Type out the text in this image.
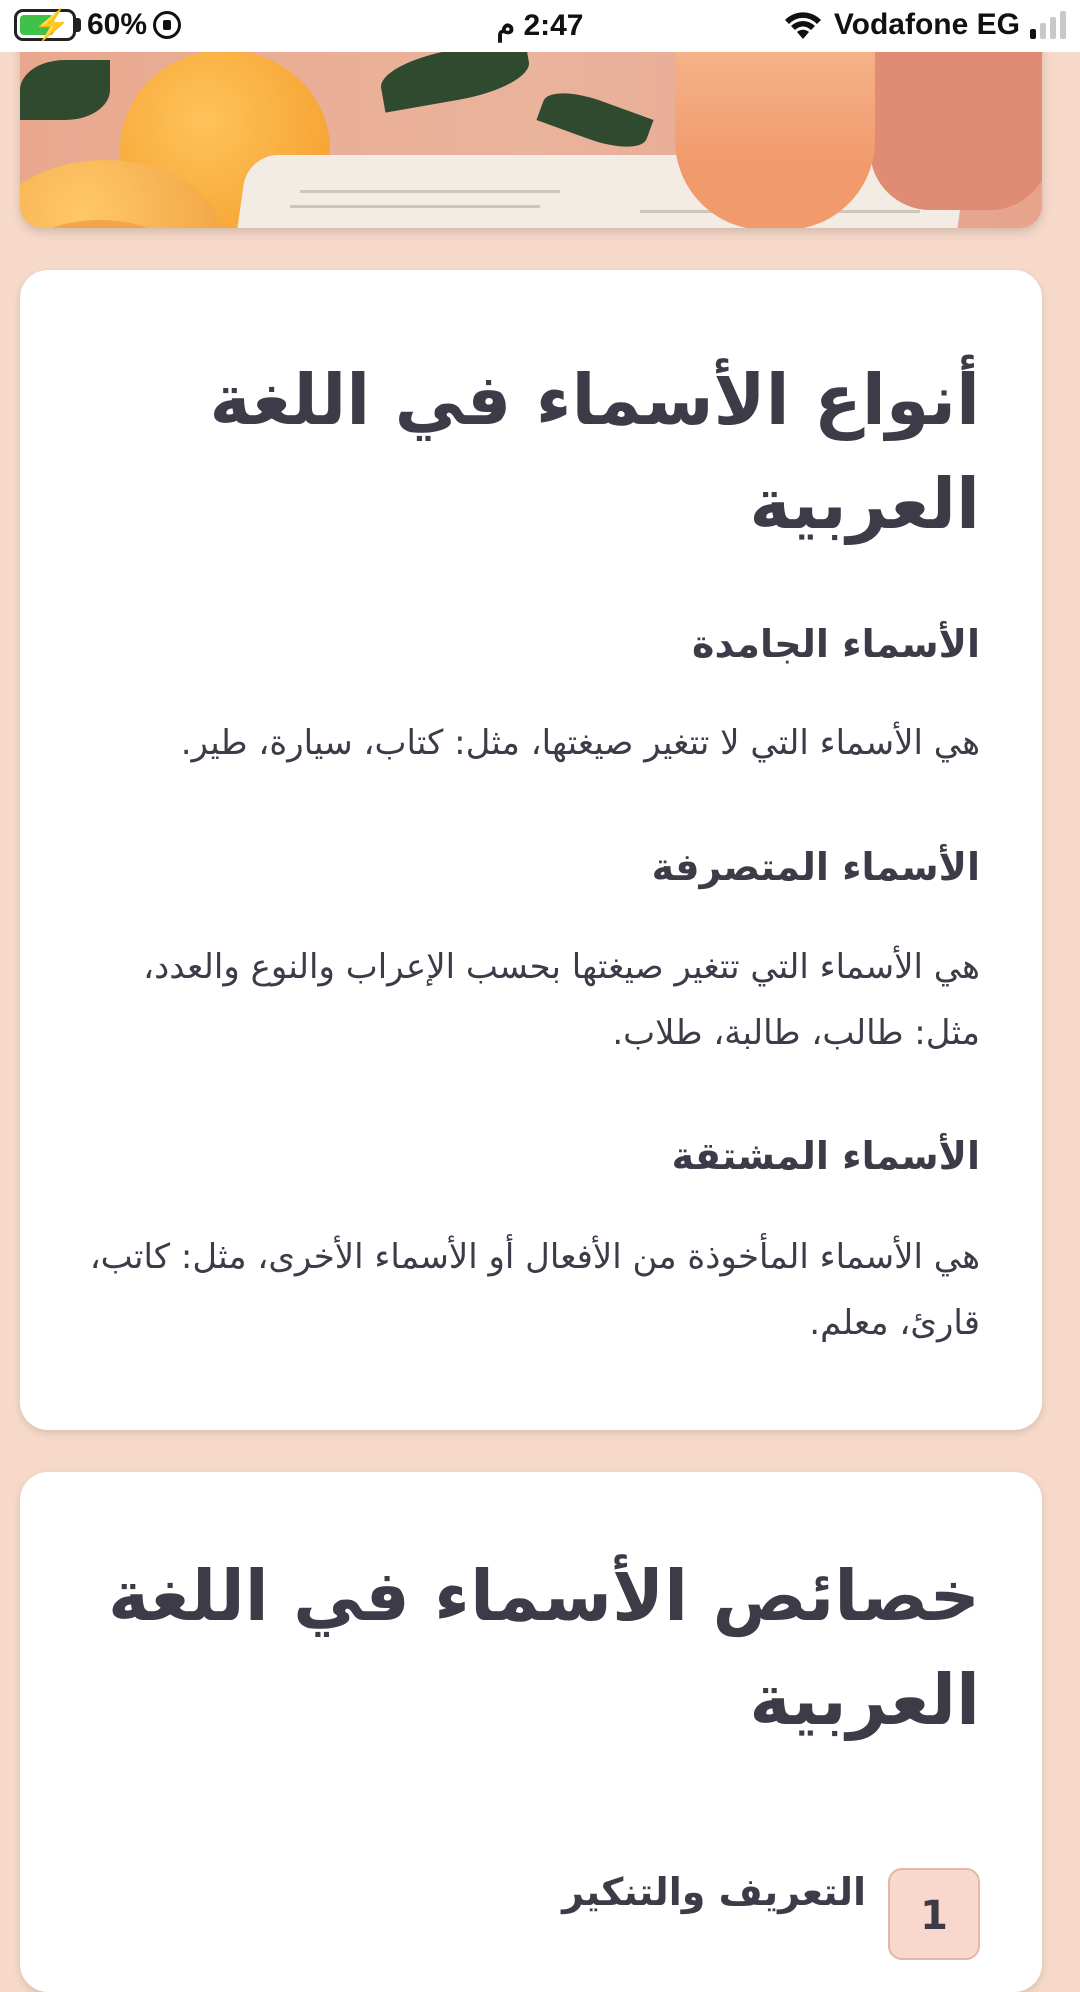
⚡ 60%	2:47 م	Vodafone EG
أنواع الأسماء في اللغة العربية
الأسماء الجامدة
هي الأسماء التي لا تتغير صيغتها، مثل: كتاب، سيارة، طير.
الأسماء المتصرفة
هي الأسماء التي تتغير صيغتها بحسب الإعراب والنوع والعدد، مثل: طالب، طالبة، طلاب.
الأسماء المشتقة
هي الأسماء المأخوذة من الأفعال أو الأسماء الأخرى، مثل: كاتب، قارئ، معلم.
خصائص الأسماء في اللغة العربية
1
التعريف والتنكير
